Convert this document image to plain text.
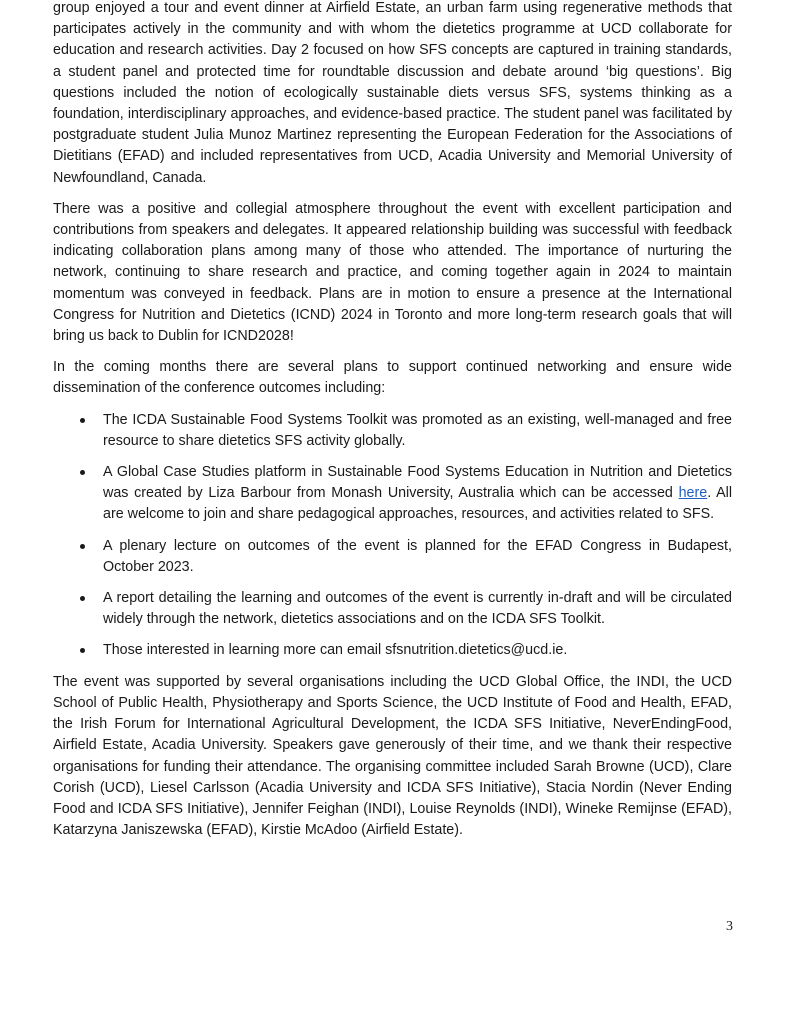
group enjoyed a tour and event dinner at Airfield Estate, an urban farm using regenerative methods that participates actively in the community and with whom the dietetics programme at UCD collaborate for education and research activities. Day 2 focused on how SFS concepts are captured in training standards, a student panel and protected time for roundtable discussion and debate around ‘big questions’. Big questions included the notion of ecologically sustainable diets versus SFS, systems thinking as a foundation, interdisciplinary approaches, and evidence-based practice. The student panel was facilitated by postgraduate student Julia Munoz Martinez representing the European Federation for the Associations of Dietitians (EFAD) and included representatives from UCD, Acadia University and Memorial University of Newfoundland, Canada.

There was a positive and collegial atmosphere throughout the event with excellent participation and contributions from speakers and delegates. It appeared relationship building was successful with feedback indicating collaboration plans among many of those who attended. The importance of nurturing the network, continuing to share research and practice, and coming together again in 2024 to maintain momentum was conveyed in feedback. Plans are in motion to ensure a presence at the International Congress for Nutrition and Dietetics (ICND) 2024 in Toronto and more long-term research goals that will bring us back to Dublin for ICND2028!

In the coming months there are several plans to support continued networking and ensure wide dissemination of the conference outcomes including:

The ICDA Sustainable Food Systems Toolkit was promoted as an existing, well-managed and free resource to share dietetics SFS activity globally.
A Global Case Studies platform in Sustainable Food Systems Education in Nutrition and Dietetics was created by Liza Barbour from Monash University, Australia which can be accessed here. All are welcome to join and share pedagogical approaches, resources, and activities related to SFS.
A plenary lecture on outcomes of the event is planned for the EFAD Congress in Budapest, October 2023.
A report detailing the learning and outcomes of the event is currently in-draft and will be circulated widely through the network, dietetics associations and on the ICDA SFS Toolkit.
Those interested in learning more can email sfsnutrition.dietetics@ucd.ie.

The event was supported by several organisations including the UCD Global Office, the INDI, the UCD School of Public Health, Physiotherapy and Sports Science, the UCD Institute of Food and Health, EFAD, the Irish Forum for International Agricultural Development, the ICDA SFS Initiative, NeverEndingFood, Airfield Estate, Acadia University. Speakers gave generously of their time, and we thank their respective organisations for funding their attendance. The organising committee included Sarah Browne (UCD), Clare Corish (UCD), Liesel Carlsson (Acadia University and ICDA SFS Initiative), Stacia Nordin (Never Ending Food and ICDA SFS Initiative), Jennifer Feighan (INDI), Louise Reynolds (INDI), Wineke Remijnse (EFAD), Katarzyna Janiszewska (EFAD), Kirstie McAdoo (Airfield Estate).

3
